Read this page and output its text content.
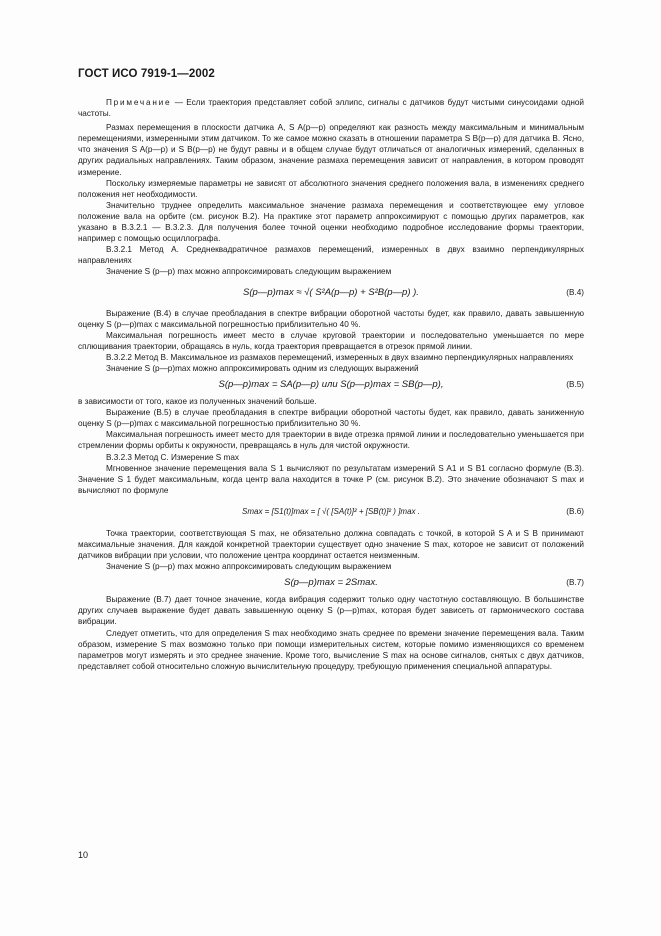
ГОСТ ИСО 7919-1—2002

Примечание — Если траектория представляет собой эллипс, сигналы с датчиков будут чистыми синусоидами одной частоты.

Размах перемещения в плоскости датчика A, S A(p—p) определяют как разность между максимальным и минимальным перемещениями, измеренными этим датчиком. То же самое можно сказать в отношении параметра S B(p—p) для датчика B. Ясно, что значения S A(p—p) и S B(p—p) не будут равны и в общем случае будут отличаться от аналогичных измерений, сделанных в других радиальных направлениях. Таким образом, значение размаха перемещения зависит от направления, в котором проводят измерение.

Поскольку измеряемые параметры не зависят от абсолютного значения среднего положения вала, в изменениях среднего положения нет необходимости.

Значительно труднее определить максимальное значение размаха перемещения и соответствующее ему угловое положение вала на орбите (см. рисунок B.2). На практике этот параметр аппроксимируют с помощью других параметров, как указано в B.3.2.1 — B.3.2.3. Для получения более точной оценки необходимо подробное исследование формы траектории, например с помощью осциллографа.

B.3.2.1 Метод A. Среднеквадратичное размахов перемещений, измеренных в двух взаимно перпендикулярных направлениях

Значение S (p—p) max можно аппроксимировать следующим выражением

S(p—p)max ≈ √( S²A(p—p) + S²B(p—p) ).	(B.4)

Выражение (B.4) в случае преобладания в спектре вибрации оборотной частоты будет, как правило, давать завышенную оценку S (p—p)max с максимальной погрешностью приблизительно 40 %.

Максимальная погрешность имеет место в случае круговой траектории и последовательно уменьшается по мере сплющивания траектории, обращаясь в нуль, когда траектория превращается в отрезок прямой линии.

B.3.2.2 Метод B. Максимальное из размахов перемещений, измеренных в двух взаимно перпендикулярных направлениях

Значение S (p—p)max можно аппроксимировать одним из следующих выражений

S(p—p)max = SA(p—p) или S(p—p)max = SB(p—p),	(B.5)

в зависимости от того, какое из полученных значений больше.

Выражение (B.5) в случае преобладания в спектре вибрации оборотной частоты будет, как правило, давать заниженную оценку S (p—p)max с максимальной погрешностью приблизительно 30 %.

Максимальная погрешность имеет место для траектории в виде отрезка прямой линии и последовательно уменьшается при стремлении формы орбиты к окружности, превращаясь в нуль для чистой окружности.

B.3.2.3 Метод C. Измерение S max

Мгновенное значение перемещения вала S 1 вычисляют по результатам измерений S A1 и S B1 согласно формуле (B.3). Значение S 1 будет максимальным, когда центр вала находится в точке P (см. рисунок B.2). Это значение обозначают S max и вычисляют по формуле

Smax = [S1(t)]max = [ √( [SA(t)]² + [SB(t)]² ) ]max .	(B.6)

Точка траектории, соответствующая S max, не обязательно должна совпадать с точкой, в которой S A и S B принимают максимальные значения. Для каждой конкретной траектории существует одно значение S max, которое не зависит от положений датчиков вибрации при условии, что положение центра координат остается неизменным.

Значение S (p—p) max можно аппроксимировать следующим выражением

S(p—p)max = 2Smax.	(B.7)

Выражение (B.7) дает точное значение, когда вибрация содержит только одну частотную составляющую. В большинстве других случаев выражение будет давать завышенную оценку S (p—p)max, которая будет зависеть от гармонического состава вибрации.

Следует отметить, что для определения S max необходимо знать среднее по времени значение перемещения вала. Таким образом, измерение S max возможно только при помощи измерительных систем, которые помимо изменяющихся со временем параметров могут измерять и это среднее значение. Кроме того, вычисление S max на основе сигналов, снятых с двух датчиков, представляет собой относительно сложную вычислительную процедуру, требующую применения специальной аппаратуры.

10
